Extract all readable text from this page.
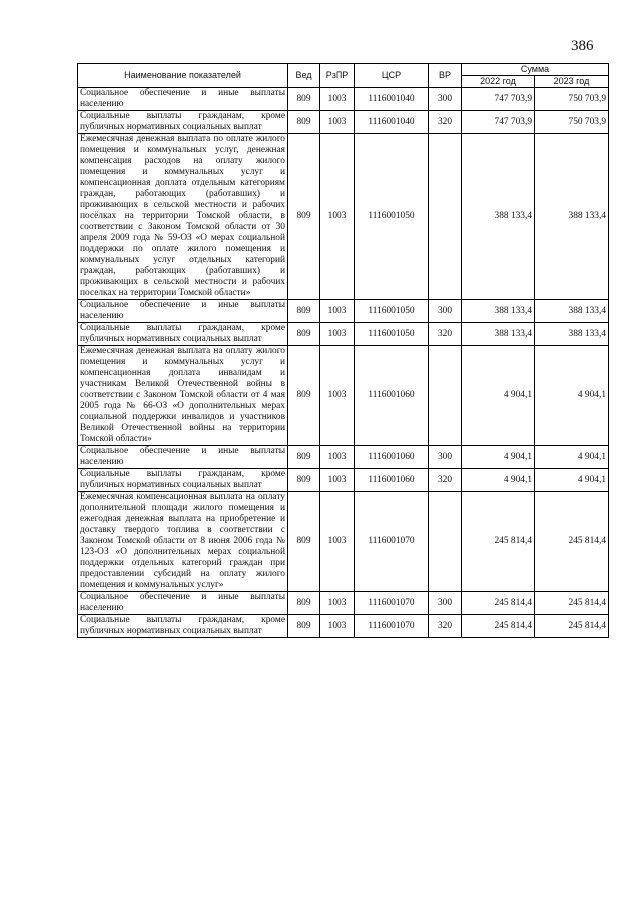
386
Наименование показателей	Вед	РзПР	ЦСР	ВР	Сумма	
					2022 год	2023 год
Социальное обеспечение и иные выплаты населению	809	1003	1116001040	300	747 703,9	750 703,9
Социальные выплаты гражданам, кроме публичных нормативных социальных выплат	809	1003	1116001040	320	747 703,9	750 703,9
Ежемесячная денежная выплата по оплате жилого помещения и коммунальных услуг, денежная компенсация расходов на оплату жилого помещения и коммунальных услуг и компенсационная доплата отдельным категориям граждан, работающих (работавших) и проживающих в сельской местности и рабочих посёлках на территории Томской области, в соответствии с Законом Томской области от 30 апреля 2009 года № 59-ОЗ «О мерах социальной поддержки по оплате жилого помещения и коммунальных услуг отдельных категорий граждан, работающих (работавших) и проживающих в сельской местности и рабочих поселках на территории Томской области»	809	1003	1116001050		388 133,4	388 133,4
Социальное обеспечение и иные выплаты населению	809	1003	1116001050	300	388 133,4	388 133,4
Социальные выплаты гражданам, кроме публичных нормативных социальных выплат	809	1003	1116001050	320	388 133,4	388 133,4
Ежемесячная денежная выплата на оплату жилого помещения и коммунальных услуг и компенсационная доплата инвалидам и участникам Великой Отечественной войны в соответствии с Законом Томской области от 4 мая 2005 года № 66-ОЗ «О дополнительных мерах социальной поддержки инвалидов и участников Великой Отечественной войны на территории Томской области»	809	1003	1116001060		4 904,1	4 904,1
Социальное обеспечение и иные выплаты населению	809	1003	1116001060	300	4 904,1	4 904,1
Социальные выплаты гражданам, кроме публичных нормативных социальных выплат	809	1003	1116001060	320	4 904,1	4 904,1
Ежемесячная компенсационная выплата на оплату дополнительной площади жилого помещения и ежегодная денежная выплата на приобретение и доставку твердого топлива в соответствии с Законом Томской области от 8 июня 2006 года № 123-ОЗ «О дополнительных мерах социальной поддержки отдельных категорий граждан при предоставлении субсидий на оплату жилого помещения и коммунальных услуг»	809	1003	1116001070		245 814,4	245 814,4
Социальное обеспечение и иные выплаты населению	809	1003	1116001070	300	245 814,4	245 814,4
Социальные выплаты гражданам, кроме публичных нормативных социальных выплат	809	1003	1116001070	320	245 814,4	245 814,4
